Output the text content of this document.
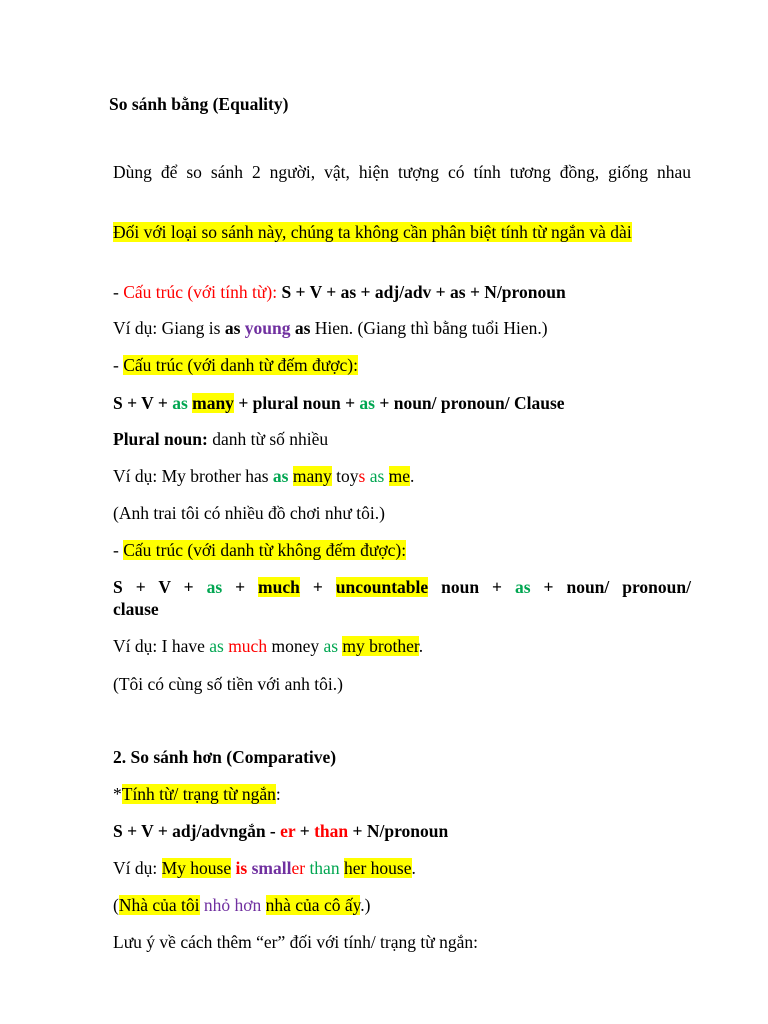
So sánh bằng (Equality)
Dùng để so sánh 2 người, vật, hiện tượng có tính tương đồng, giống nhau
Đối với loại so sánh này, chúng ta không cần phân biệt tính từ ngắn và dài
- Cấu trúc (với tính từ): S + V + as + adj/adv + as + N/pronoun
Ví dụ: Giang is as young as Hien. (Giang thì bằng tuổi Hien.)
- Cấu trúc (với danh từ đếm được):
S + V + as many + plural noun + as + noun/ pronoun/ Clause
Plural noun: danh từ số nhiều
Ví dụ: My brother has as many toys as me.
(Anh trai tôi có nhiều đồ chơi như tôi.)
- Cấu trúc (với danh từ không đếm được):
S + V + as + much + uncountable noun + as + noun/ pronoun/
clause
Ví dụ: I have as much money as my brother.
(Tôi có cùng số tiền với anh tôi.)
2. So sánh hơn (Comparative)
*Tính từ/ trạng từ ngắn:
S + V + adj/advngắn - er + than + N/pronoun
Ví dụ: My house is smaller than her house.
(Nhà của tôi nhỏ hơn nhà của cô ấy.)
Lưu ý về cách thêm “er” đối với tính/ trạng từ ngắn:
